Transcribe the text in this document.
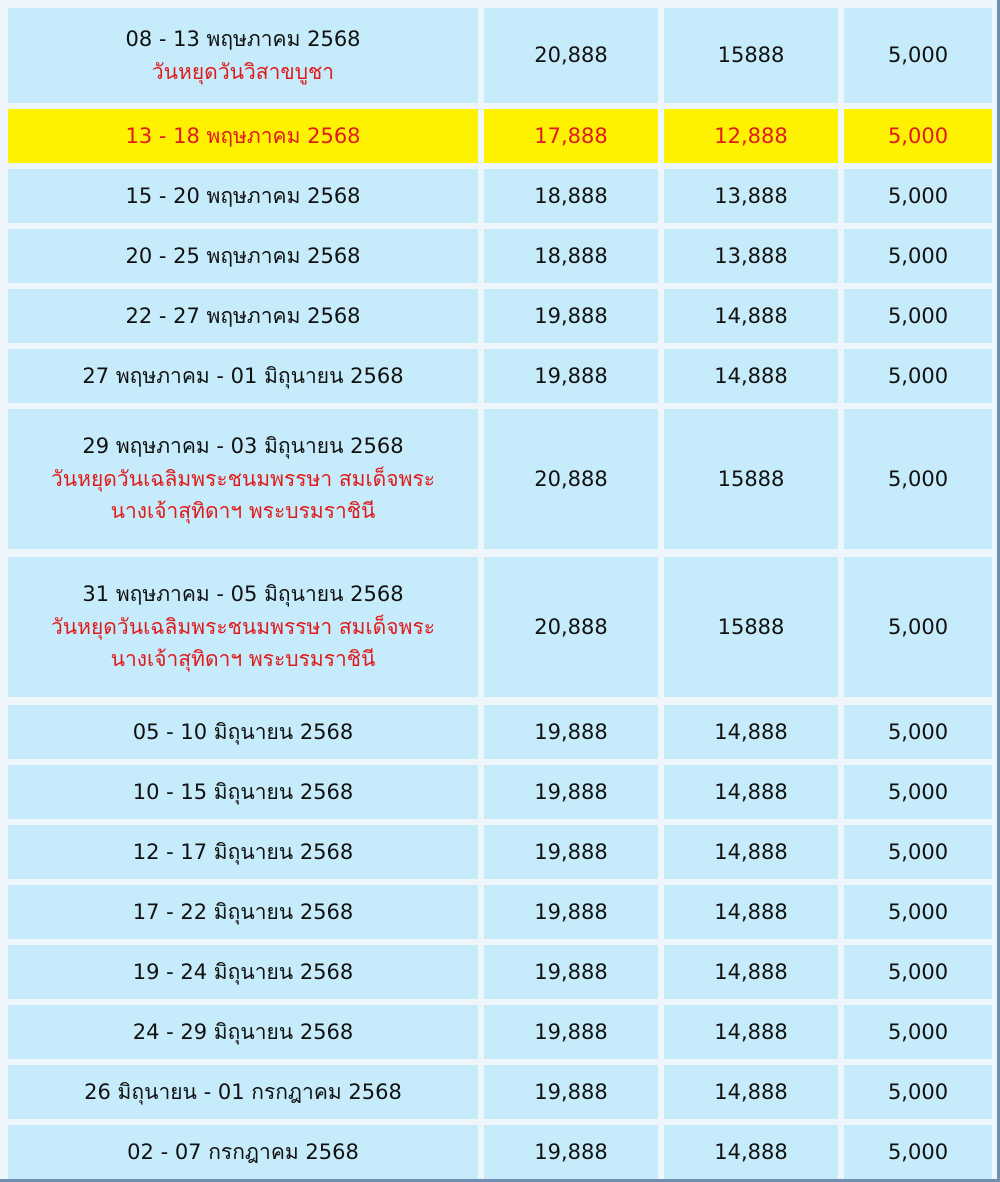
08 - 13 พฤษภาคม 2568
วันหยุดวันวิสาขบูชา
20,888	15888	5,000
13 - 18 พฤษภาคม 2568	17,888	12,888	5,000
15 - 20 พฤษภาคม 2568	18,888	13,888	5,000
20 - 25 พฤษภาคม 2568	18,888	13,888	5,000
22 - 27 พฤษภาคม 2568	19,888	14,888	5,000
27 พฤษภาคม - 01 มิถุนายน 2568	19,888	14,888	5,000
29 พฤษภาคม - 03 มิถุนายน 2568
วันหยุดวันเฉลิมพระชนมพรรษา สมเด็จพระ
นางเจ้าสุทิดาฯ พระบรมราชินี
20,888	15888	5,000
31 พฤษภาคม - 05 มิถุนายน 2568
วันหยุดวันเฉลิมพระชนมพรรษา สมเด็จพระ
นางเจ้าสุทิดาฯ พระบรมราชินี
20,888	15888	5,000
05 - 10 มิถุนายน 2568	19,888	14,888	5,000
10 - 15 มิถุนายน 2568	19,888	14,888	5,000
12 - 17 มิถุนายน 2568	19,888	14,888	5,000
17 - 22 มิถุนายน 2568	19,888	14,888	5,000
19 - 24 มิถุนายน 2568	19,888	14,888	5,000
24 - 29 มิถุนายน 2568	19,888	14,888	5,000
26 มิถุนายน - 01 กรกฎาคม 2568	19,888	14,888	5,000
02 - 07 กรกฎาคม 2568	19,888	14,888	5,000
